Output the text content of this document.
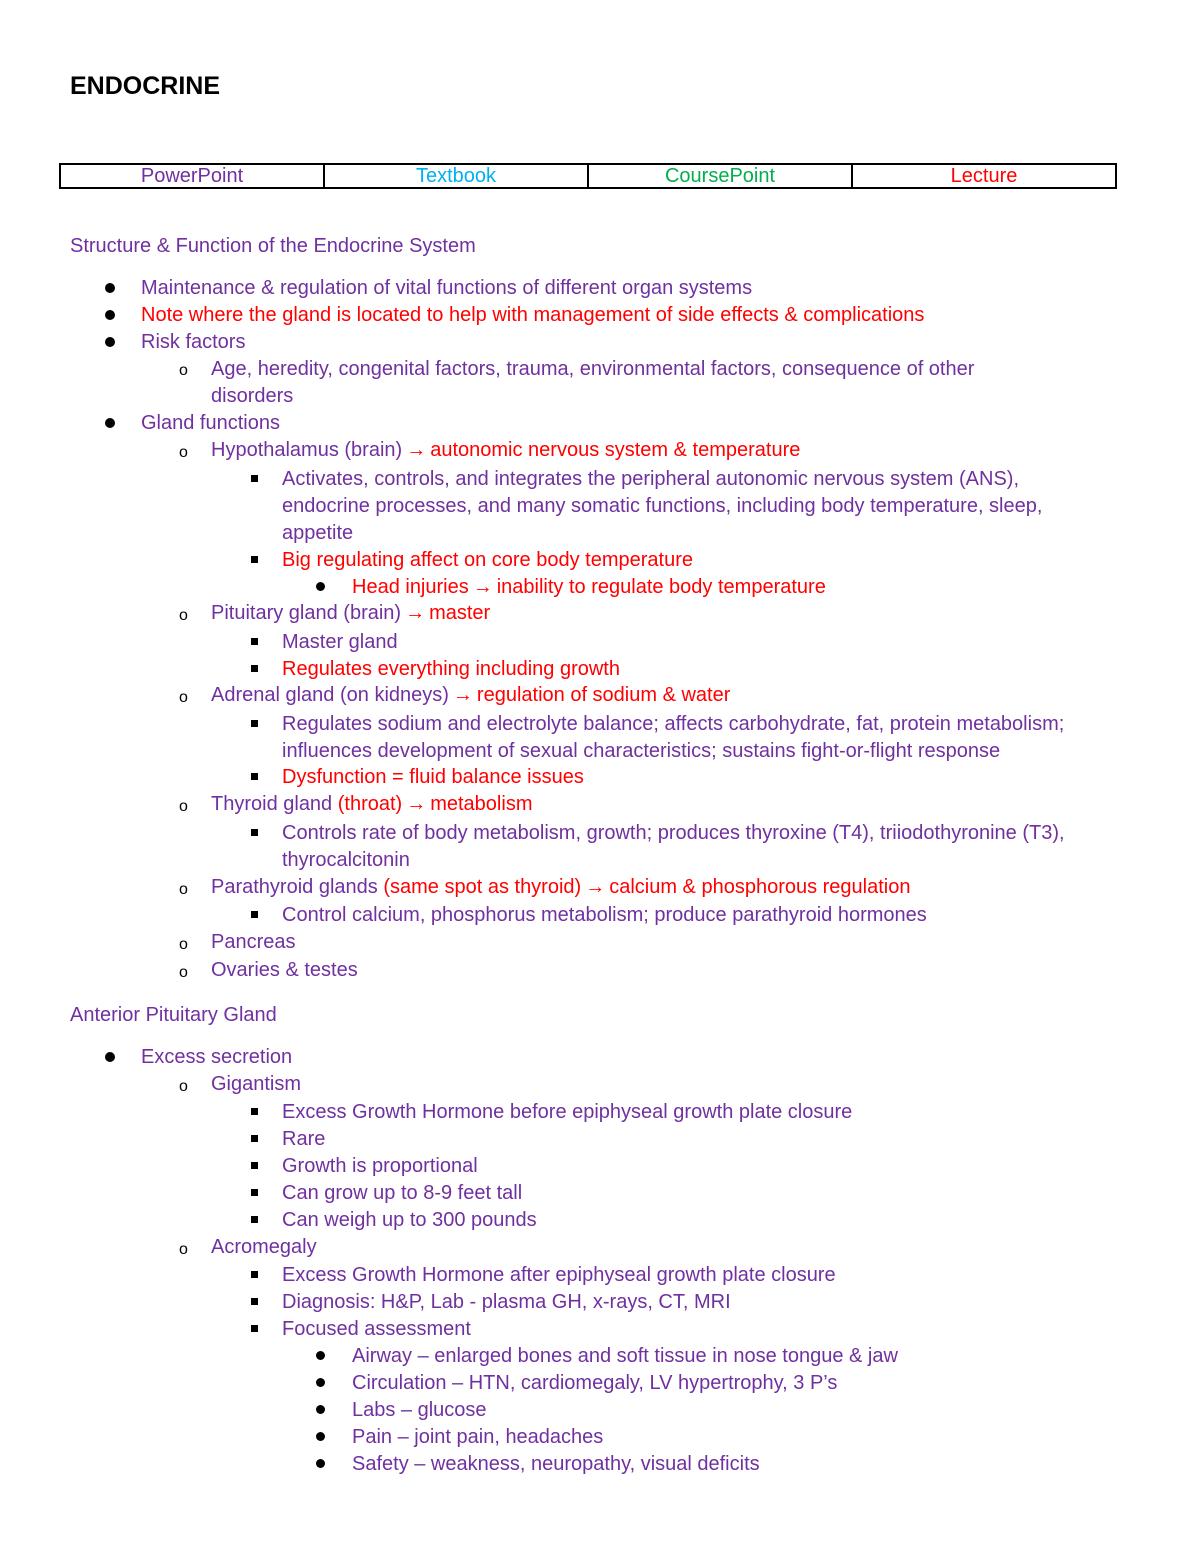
ENDOCRINE
PowerPoint	Textbook	CoursePoint	Lecture
Structure & Function of the Endocrine System
Maintenance & regulation of vital functions of different organ systems
Note where the gland is located to help with management of side effects & complications
Risk factors
o Age, heredity, congenital factors, trauma, environmental factors, consequence of other
disorders
Gland functions
o Hypothalamus (brain) → autonomic nervous system & temperature
Activates, controls, and integrates the peripheral autonomic nervous system (ANS),
endocrine processes, and many somatic functions, including body temperature, sleep,
appetite
Big regulating affect on core body temperature
Head injuries → inability to regulate body temperature
o Pituitary gland (brain) → master
Master gland
Regulates everything including growth
o Adrenal gland (on kidneys) → regulation of sodium & water
Regulates sodium and electrolyte balance; affects carbohydrate, fat, protein metabolism;
influences development of sexual characteristics; sustains fight-or-flight response
Dysfunction = fluid balance issues
o Thyroid gland (throat) → metabolism
Controls rate of body metabolism, growth; produces thyroxine (T4), triiodothyronine (T3),
thyrocalcitonin
o Parathyroid glands (same spot as thyroid) → calcium & phosphorous regulation
Control calcium, phosphorus metabolism; produce parathyroid hormones
o Pancreas
o Ovaries & testes
Anterior Pituitary Gland
Excess secretion
o Gigantism
Excess Growth Hormone before epiphyseal growth plate closure
Rare
Growth is proportional
Can grow up to 8-9 feet tall
Can weigh up to 300 pounds
o Acromegaly
Excess Growth Hormone after epiphyseal growth plate closure
Diagnosis: H&P, Lab - plasma GH, x-rays, CT, MRI
Focused assessment
Airway – enlarged bones and soft tissue in nose tongue & jaw
Circulation – HTN, cardiomegaly, LV hypertrophy, 3 P’s
Labs – glucose
Pain – joint pain, headaches
Safety – weakness, neuropathy, visual deficits
